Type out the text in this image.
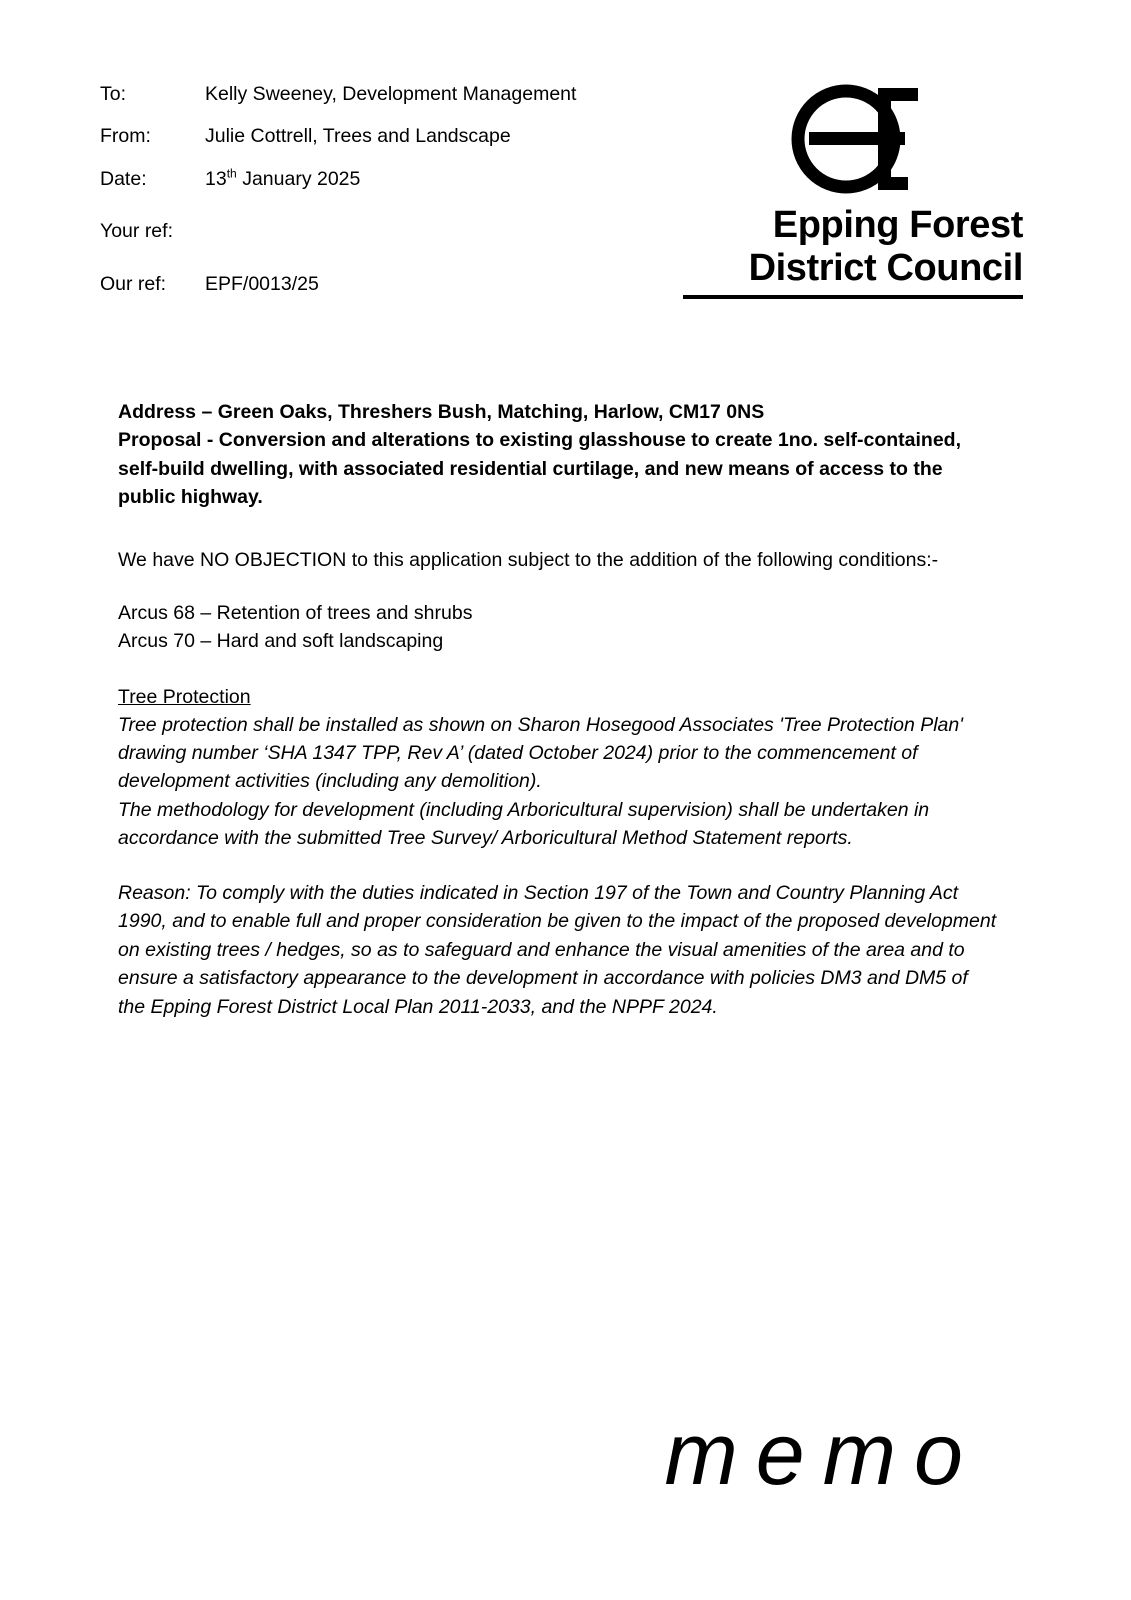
To:	Kelly Sweeney, Development Management
From:	Julie Cottrell, Trees and Landscape
Date:	13th January 2025
Your ref:
Our ref:	EPF/0013/25
Epping Forest
District Council
Address – Green Oaks, Threshers Bush, Matching, Harlow, CM17 0NS
Proposal - Conversion and alterations to existing glasshouse to create 1no. self-contained, self-build dwelling, with associated residential curtilage, and new means of access to the public highway.

We have NO OBJECTION to this application subject to the addition of the following conditions:-

Arcus 68 – Retention of trees and shrubs
Arcus 70 – Hard and soft landscaping
Tree Protection

Tree protection shall be installed as shown on Sharon Hosegood Associates 'Tree Protection Plan' drawing number ‘SHA 1347 TPP, Rev A’ (dated October 2024) prior to the commencement of development activities (including any demolition).

The methodology for development (including Arboricultural supervision) shall be undertaken in accordance with the submitted Tree Survey/ Arboricultural Method Statement reports.

Reason: To comply with the duties indicated in Section 197 of the Town and Country Planning Act 1990, and to enable full and proper consideration be given to the impact of the proposed development on existing trees / hedges, so as to safeguard and enhance the visual amenities of the area and to ensure a satisfactory appearance to the development in accordance with policies DM3 and DM5 of the Epping Forest District Local Plan 2011-2033, and the NPPF 2024.

memo
